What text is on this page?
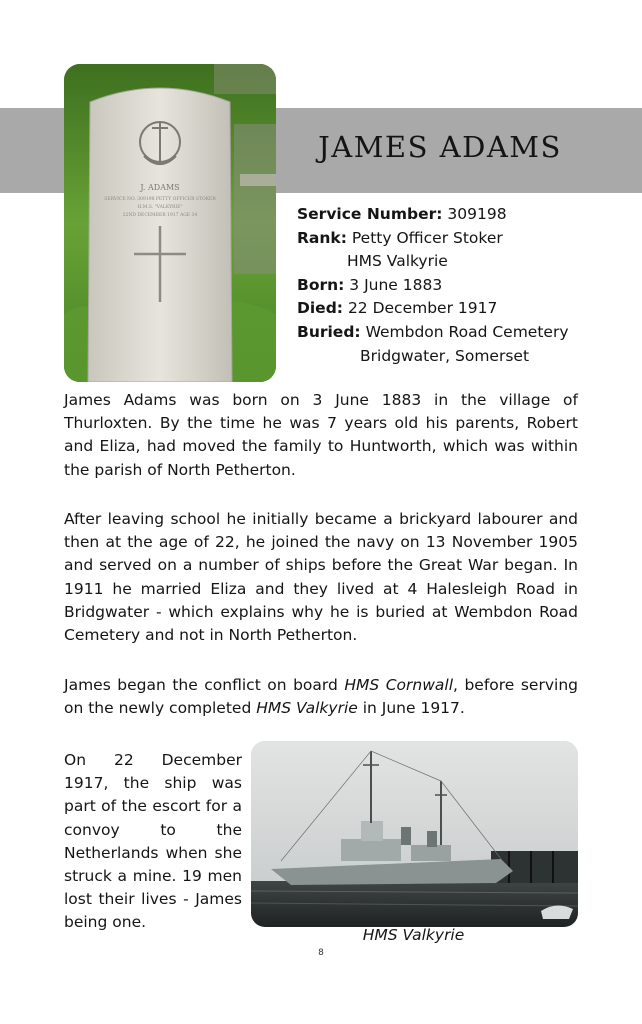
J. ADAMS
SERVICE NO. 309198 PETTY OFFICER STOKER
H.M.S. "VALKYRIE"
22ND DECEMBER 1917 AGE 34
JAMES ADAMS
Service Number: 309198
Rank: Petty Officer Stoker
HMS Valkyrie
Born: 3 June 1883
Died: 22 December 1917
Buried: Wembdon Road Cemetery
Bridgwater, Somerset

James Adams was born on 3 June 1883 in the village of Thurloxten. By the time he was 7 years old his parents, Robert and Eliza, had moved the family to Huntworth, which was within the parish of North Petherton.

After leaving school he initially became a brickyard labourer and then at the age of 22, he joined the navy on 13 November 1905 and served on a number of ships before the Great War began. In 1911 he married Eliza and they lived at 4 Halesleigh Road in Bridgwater - which explains why he is buried at Wembdon Road Cemetery and not in North Petherton.

James began the conflict on board HMS Cornwall, before serving on the newly completed HMS Valkyrie in June 1917.

On 22 December 1917, the ship was part of the escort for a convoy to the Netherlands when she struck a mine. 19 men lost their lives - James being one.

HMS Valkyrie
8
